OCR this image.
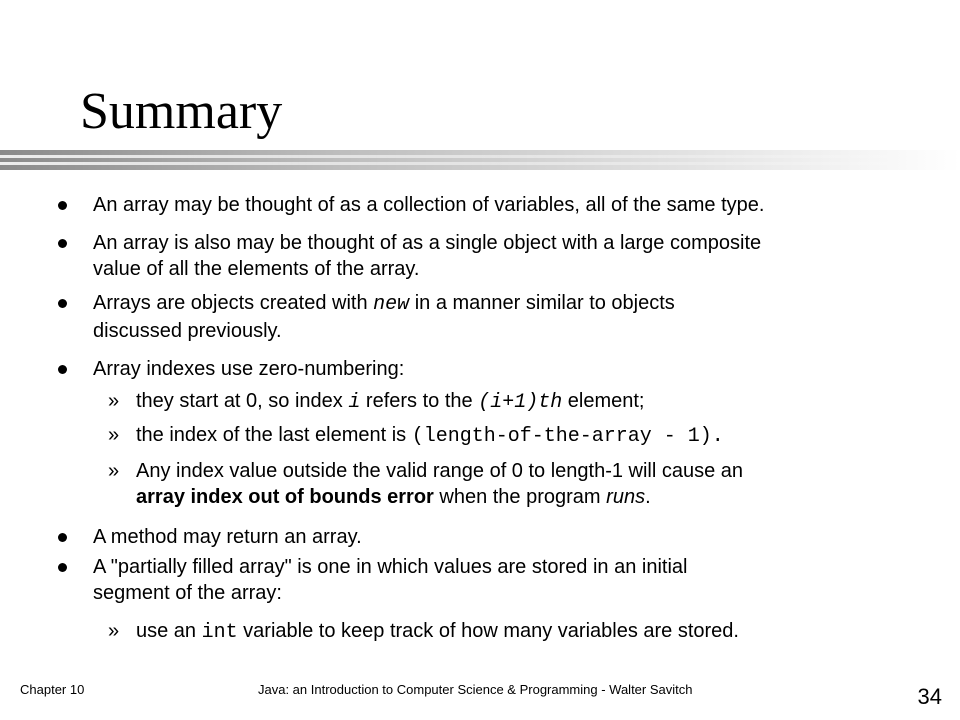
Summary
An array may be thought of as a collection of variables, all of the same type.
An array is also may be thought of as a single object with a large composite
value of all the elements of the array.
Arrays are objects created with new in a manner similar to objects
discussed previously.
Array indexes use zero-numbering:
» they start at 0, so index i refers to the (i+1)th element;
» the index of the last element is (length-of-the-array - 1).
» Any index value outside the valid range of 0 to length-1 will cause an
array index out of bounds error when the program runs.
A method may return an array.
A "partially filled array" is one in which values are stored in an initial
segment of the array:
» use an int variable to keep track of how many variables are stored.
Chapter 10	Java: an Introduction to Computer Science & Programming - Walter Savitch	34
